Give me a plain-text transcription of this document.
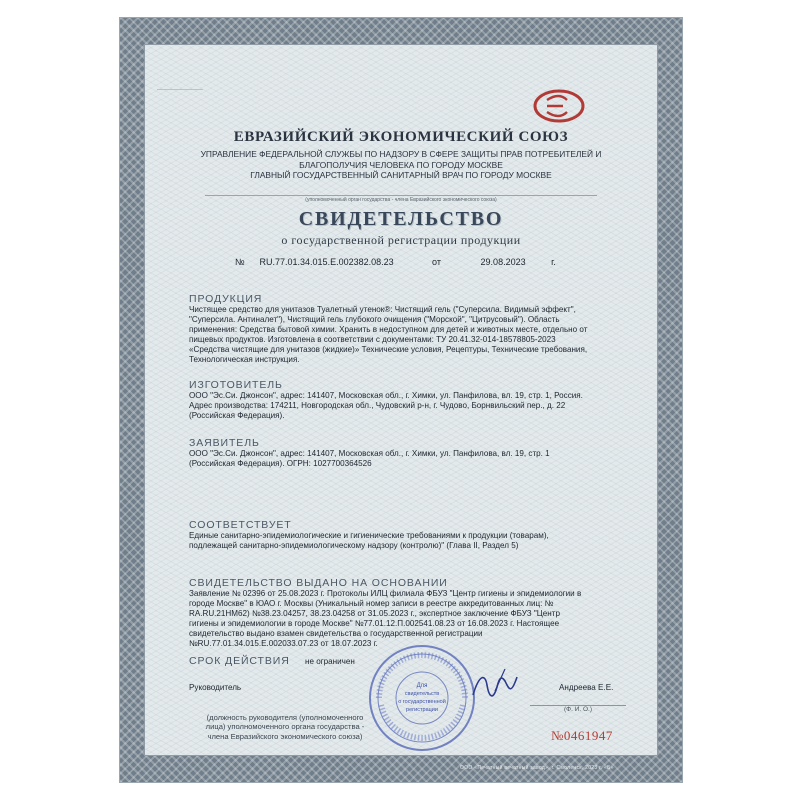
ЕВРАЗИЙСКИЙ ЭКОНОМИЧЕСКИЙ СОЮЗ
УПРАВЛЕНИЕ ФЕДЕРАЛЬНОЙ СЛУЖБЫ ПО НАДЗОРУ В СФЕРЕ ЗАЩИТЫ ПРАВ ПОТРЕБИТЕЛЕЙ И
БЛАГОПОЛУЧИЯ ЧЕЛОВЕКА ПО ГОРОДУ МОСКВЕ
ГЛАВНЫЙ ГОСУДАРСТВЕННЫЙ САНИТАРНЫЙ ВРАЧ ПО ГОРОДУ МОСКВЕ
(уполномоченный орган государства - члена Евразийского экономического союза)
СВИДЕТЕЛЬСТВО
о государственной регистрации продукции
№ RU.77.01.34.015.Е.002382.08.23	от	29.08.2023	г.
ПРОДУКЦИЯ
Чистящее средство для унитазов Туалетный утенок®: Чистящий гель ("Суперсила. Видимый эффект",
"Суперсила. Антиналет"), Чистящий гель глубокого очищения ("Морской", "Цитрусовый"). Область
применения: Средства бытовой химии. Хранить в недоступном для детей и животных месте, отдельно от
пищевых продуктов. Изготовлена в соответствии с документами: ТУ 20.41.32-014-18578805-2023
«Средства чистящие для унитазов (жидкие)» Технические условия, Рецептуры, Технические требования,
Технологическая инструкция.
ИЗГОТОВИТЕЛЬ
ООО "Эс.Си. Джонсон", адрес: 141407, Московская обл., г. Химки, ул. Панфилова, вл. 19, стр. 1, Россия.
Адрес производства: 174211, Новгородская обл., Чудовский р-н, г. Чудово, Борнвильский пер., д. 22
(Российская Федерация).
ЗАЯВИТЕЛЬ
ООО "Эс.Си. Джонсон", адрес: 141407, Московская обл., г. Химки, ул. Панфилова, вл. 19, стр. 1
(Российская Федерация). ОГРН: 1027700364526
СООТВЕТСТВУЕТ
Единые санитарно-эпидемиологические и гигиенические требованиями к продукции (товарам),
подлежащей санитарно-эпидемиологическому надзору (контролю)" (Глава II, Раздел 5)
СВИДЕТЕЛЬСТВО ВЫДАНО НА ОСНОВАНИИ
Заявление № 02396 от 25.08.2023 г. Протоколы ИЛЦ филиала ФБУЗ "Центр гигиены и эпидемиологии в
городе Москве" в ЮАО г. Москвы (Уникальный номер записи в реестре аккредитованных лиц: №
RA.RU.21НМ62) №38.23.04257, 38.23.04258 от 31.05.2023 г., экспертное заключение ФБУЗ "Центр
гигиены и эпидемиологии в городе Москве" №77.01.12.П.002541.08.23 от 16.08.2023 г. Настоящее
свидетельство выдано взамен свидетельства о государственной регистрации
№RU.77.01.34.015.Е.002033.07.23 от 18.07.2023 г.
СРОК ДЕЙСТВИЯ не ограничен
Руководитель	Андреева Е.Е.
(Ф. И. О.)
(должность руководителя (уполномоченного
лица) уполномоченного органа государства -
члена Евразийского экономического союза)
Для
свидетельств
о государственной
регистрации
№0461947
ООО «Печатный вечатный завод», г. Смоленск, 2023 г. «Б»
